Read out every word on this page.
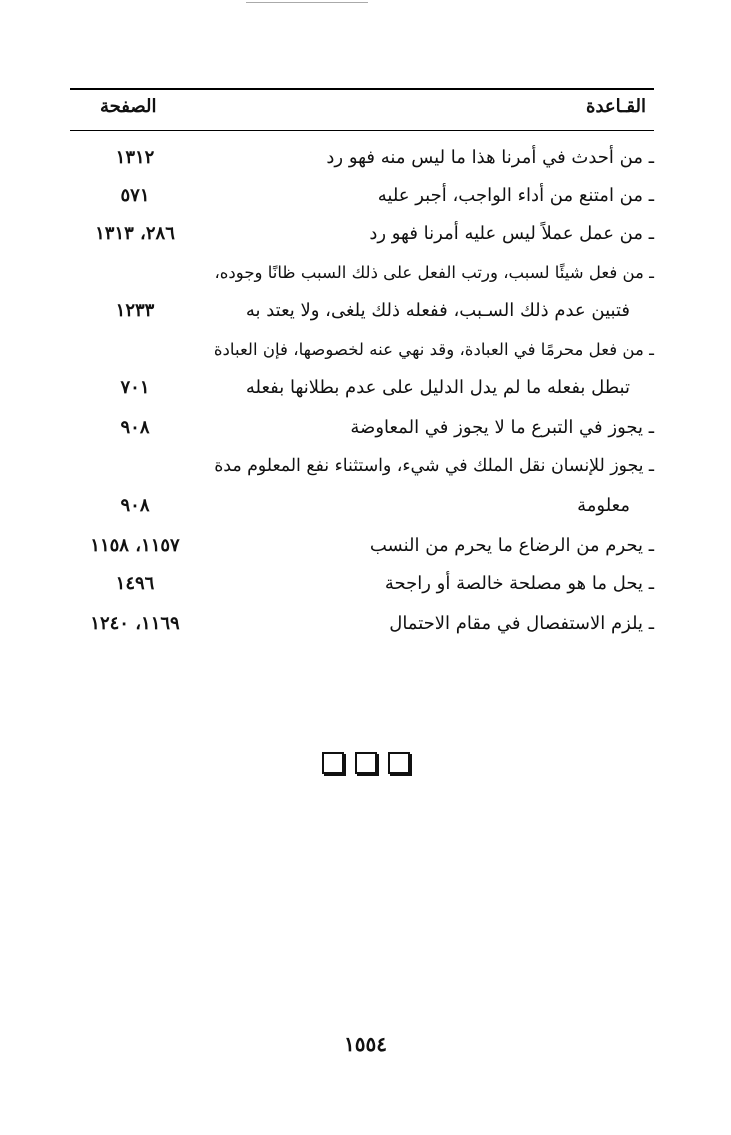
القـاعدة
الصفحة
ـ من أحدث في أمرنا هذا ما ليس منه فهو رد
١٣١٢
ـ من امتنع من أداء الواجب، أجبر عليه
٥٧١
ـ من عمل عملاً ليس عليه أمرنا فهو رد
٢٨٦، ١٣١٣
ـ من فعل شيئًا لسبب، ورتب الفعل على ذلك السبب ظانًا وجوده،
فتبين عدم ذلك السـبب، ففعله ذلك يلغى، ولا يعتد به
١٢٣٣
ـ من فعل محرمًا في العبادة، وقد نهي عنه لخصوصها، فإن العبادة
تبطل بفعله ما لم يدل الدليل على عدم بطلانها بفعله
٧٠١
ـ يجوز في التبرع ما لا يجوز في المعاوضة
٩٠٨
ـ يجوز للإنسان نقل الملك في شيء، واستثناء نفع المعلوم مدة
معلومة
٩٠٨
ـ يحرم من الرضاع ما يحرم من النسب
١١٥٧، ١١٥٨
ـ يحل ما هو مصلحة خالصة أو راجحة
١٤٩٦
ـ يلزم الاستفصال في مقام الاحتمال
١١٦٩، ١٢٤٠
١٥٥٤
